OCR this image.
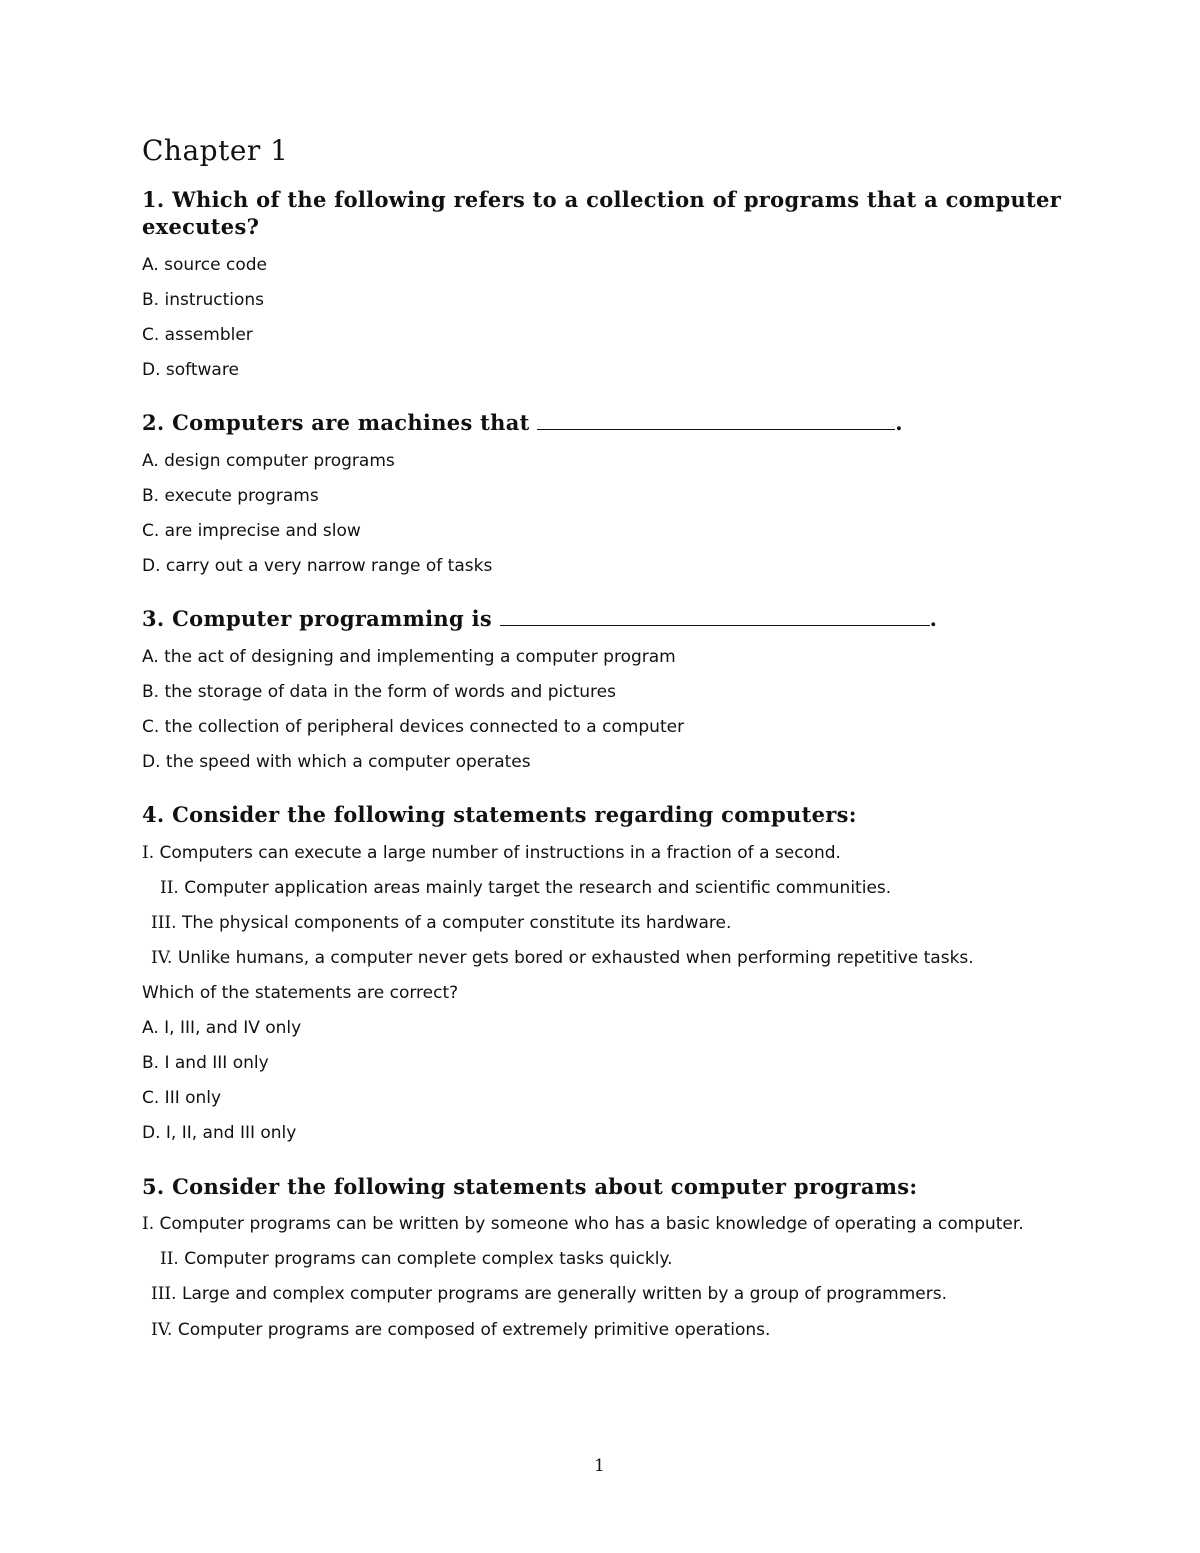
Chapter 1
1. Which of the following refers to a collection of programs that a computer
executes?
A. source code
B. instructions
C. assembler
D. software
2. Computers are machines that	.
A. design computer programs
B. execute programs
C. are imprecise and slow
D. carry out a very narrow range of tasks
3. Computer programming is	.
A. the act of designing and implementing a computer program
B. the storage of data in the form of words and pictures
C. the collection of peripheral devices connected to a computer
D. the speed with which a computer operates
4. Consider the following statements regarding computers:
I. Computers can execute a large number of instructions in a fraction of a second.
II. Computer application areas mainly target the research and scientific communities.
III. The physical components of a computer constitute its hardware.
IV. Unlike humans, a computer never gets bored or exhausted when performing repetitive tasks.
Which of the statements are correct?
A. I, III, and IV only
B. I and III only
C. III only
D. I, II, and III only
5. Consider the following statements about computer programs:
I. Computer programs can be written by someone who has a basic knowledge of operating a computer.
II. Computer programs can complete complex tasks quickly.
III. Large and complex computer programs are generally written by a group of programmers.
IV. Computer programs are composed of extremely primitive operations.
1
